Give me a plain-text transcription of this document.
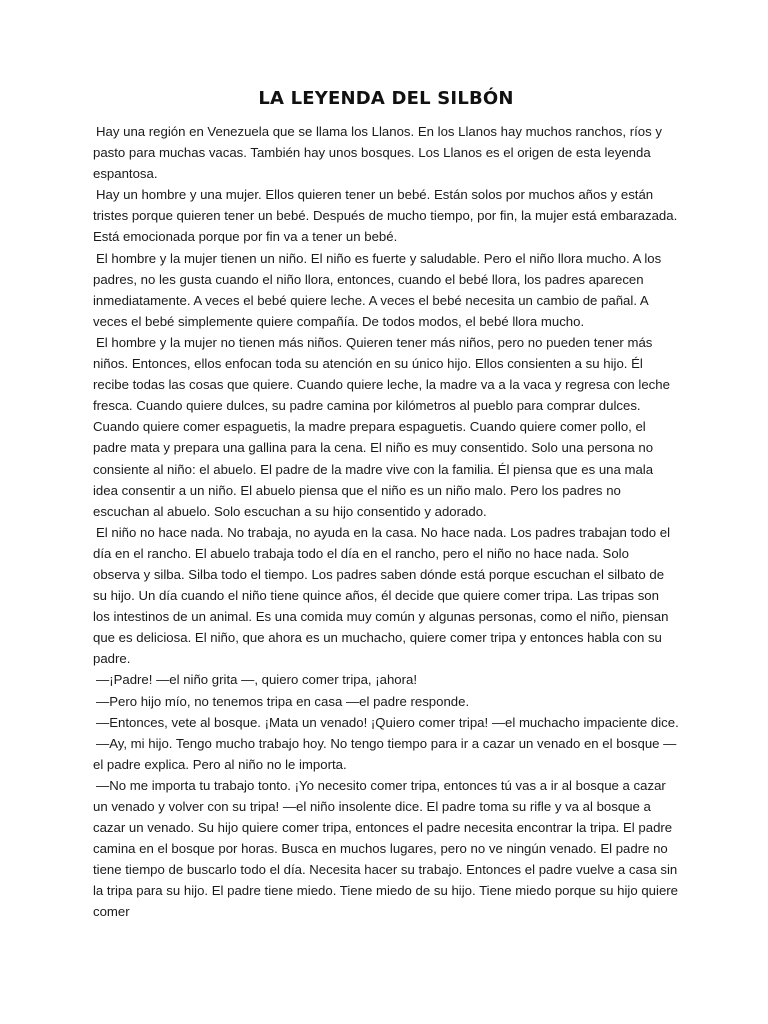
LA LEYENDA DEL SILBÓN

Hay una región en Venezuela que se llama los Llanos. En los Llanos hay muchos ranchos, ríos y pasto para muchas vacas. También hay unos bosques. Los Llanos es el origen de esta leyenda espantosa.

Hay un hombre y una mujer. Ellos quieren tener un bebé. Están solos por muchos años y están tristes porque quieren tener un bebé. Después de mucho tiempo, por fin, la mujer está embarazada. Está emocionada porque por fin va a tener un bebé.

El hombre y la mujer tienen un niño. El niño es fuerte y saludable. Pero el niño llora mucho. A los padres, no les gusta cuando el niño llora, entonces, cuando el bebé llora, los padres aparecen inmediatamente. A veces el bebé quiere leche. A veces el bebé necesita un cambio de pañal. A veces el bebé simplemente quiere compañía. De todos modos, el bebé llora mucho.

El hombre y la mujer no tienen más niños. Quieren tener más niños, pero no pueden tener más niños. Entonces, ellos enfocan toda su atención en su único hijo. Ellos consienten a su hijo. Él recibe todas las cosas que quiere. Cuando quiere leche, la madre va a la vaca y regresa con leche fresca. Cuando quiere dulces, su padre camina por kilómetros al pueblo para comprar dulces. Cuando quiere comer espaguetis, la madre prepara espaguetis. Cuando quiere comer pollo, el padre mata y prepara una gallina para la cena. El niño es muy consentido. Solo una persona no consiente al niño: el abuelo. El padre de la madre vive con la familia. Él piensa que es una mala idea consentir a un niño. El abuelo piensa que el niño es un niño malo. Pero los padres no escuchan al abuelo. Solo escuchan a su hijo consentido y adorado.

El niño no hace nada. No trabaja, no ayuda en la casa. No hace nada. Los padres trabajan todo el día en el rancho. El abuelo trabaja todo el día en el rancho, pero el niño no hace nada. Solo observa y silba. Silba todo el tiempo. Los padres saben dónde está porque escuchan el silbato de su hijo. Un día cuando el niño tiene quince años, él decide que quiere comer tripa. Las tripas son los intestinos de un animal. Es una comida muy común y algunas personas, como el niño, piensan que es deliciosa. El niño, que ahora es un muchacho, quiere comer tripa y entonces habla con su padre.

—¡Padre! —el niño grita —, quiero comer tripa, ¡ahora!

—Pero hijo mío, no tenemos tripa en casa —el padre responde.

—Entonces, vete al bosque. ¡Mata un venado! ¡Quiero comer tripa! —el muchacho impaciente dice.

—Ay, mi hijo. Tengo mucho trabajo hoy. No tengo tiempo para ir a cazar un venado en el bosque —el padre explica. Pero al niño no le importa.

—No me importa tu trabajo tonto. ¡Yo necesito comer tripa, entonces tú vas a ir al bosque a cazar un venado y volver con su tripa! —el niño insolente dice. El padre toma su rifle y va al bosque a cazar un venado. Su hijo quiere comer tripa, entonces el padre necesita encontrar la tripa. El padre camina en el bosque por horas. Busca en muchos lugares, pero no ve ningún venado. El padre no tiene tiempo de buscarlo todo el día. Necesita hacer su trabajo. Entonces el padre vuelve a casa sin la tripa para su hijo. El padre tiene miedo. Tiene miedo de su hijo. Tiene miedo porque su hijo quiere comer
